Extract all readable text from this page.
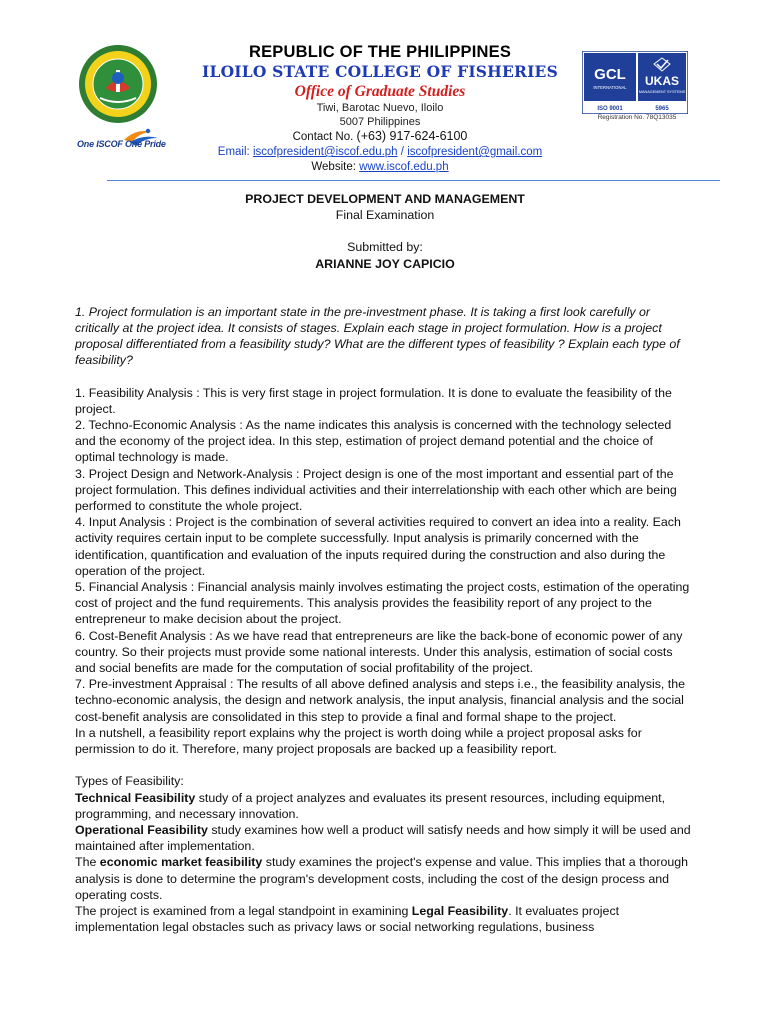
One ISCOF One Pride
GCL
INTERNATIONAL UKAS
MANAGEMENT SYSTEMS
ISO 9001	5965
Registration No. 78Q13035

REPUBLIC OF THE PHILIPPINES

ILOILO STATE COLLEGE OF FISHERIES

Office of Graduate Studies

Tiwi, Barotac Nuevo, Iloilo

5007 Philippines

Contact No. (+63) 917-624-6100

Email: iscofpresident@iscof.edu.ph / iscofpresident@gmail.com

Website: www.iscof.edu.ph

PROJECT DEVELOPMENT AND MANAGEMENT

Final Examination

Submitted by:

ARIANNE JOY CAPICIO

1. Project formulation is an important state in the pre-investment phase. It is taking a first look carefully or critically at the project idea. It consists of stages. Explain each stage in project formulation. How is a project proposal differentiated from a feasibility study? What are the different types of feasibility ? Explain each type of feasibility?

1. Feasibility Analysis : This is very first stage in project formulation. It is done to evaluate the feasibility of the project.

2. Techno-Economic Analysis : As the name indicates this analysis is concerned with the technology selected and the economy of the project idea. In this step, estimation of project demand potential and the choice of optimal technology is made.

3. Project Design and Network-Analysis : Project design is one of the most important and essential part of the project formulation. This defines individual activities and their interrelationship with each other which are being performed to constitute the whole project.

4. Input Analysis : Project is the combination of several activities required to convert an idea into a reality. Each activity requires certain input to be complete successfully. Input analysis is primarily concerned with the identification, quantification and evaluation of the inputs required during the construction and also during the operation of the project.

5. Financial Analysis : Financial analysis mainly involves estimating the project costs, estimation of the operating cost of project and the fund requirements. This analysis provides the feasibility report of any project to the entrepreneur to make decision about the project.

6. Cost-Benefit Analysis : As we have read that entrepreneurs are like the back-bone of economic power of any country. So their projects must provide some national interests. Under this analysis, estimation of social costs and social benefits are made for the computation of social profitability of the project.

7. Pre-investment Appraisal : The results of all above defined analysis and steps i.e., the feasibility analysis, the techno-economic analysis, the design and network analysis, the input analysis, financial analysis and the social cost-benefit analysis are consolidated in this step to provide a final and formal shape to the project.

In a nutshell, a feasibility report explains why the project is worth doing while a project proposal asks for permission to do it. Therefore, many project proposals are backed up a feasibility report.

Types of Feasibility:

Technical Feasibility study of a project analyzes and evaluates its present resources, including equipment, programming, and necessary innovation.

Operational Feasibility study examines how well a product will satisfy needs and how simply it will be used and maintained after implementation.

The economic market feasibility study examines the project's expense and value. This implies that a thorough analysis is done to determine the program's development costs, including the cost of the design process and operating costs.

The project is examined from a legal standpoint in examining Legal Feasibility. It evaluates project implementation legal obstacles such as privacy laws or social networking regulations, business
